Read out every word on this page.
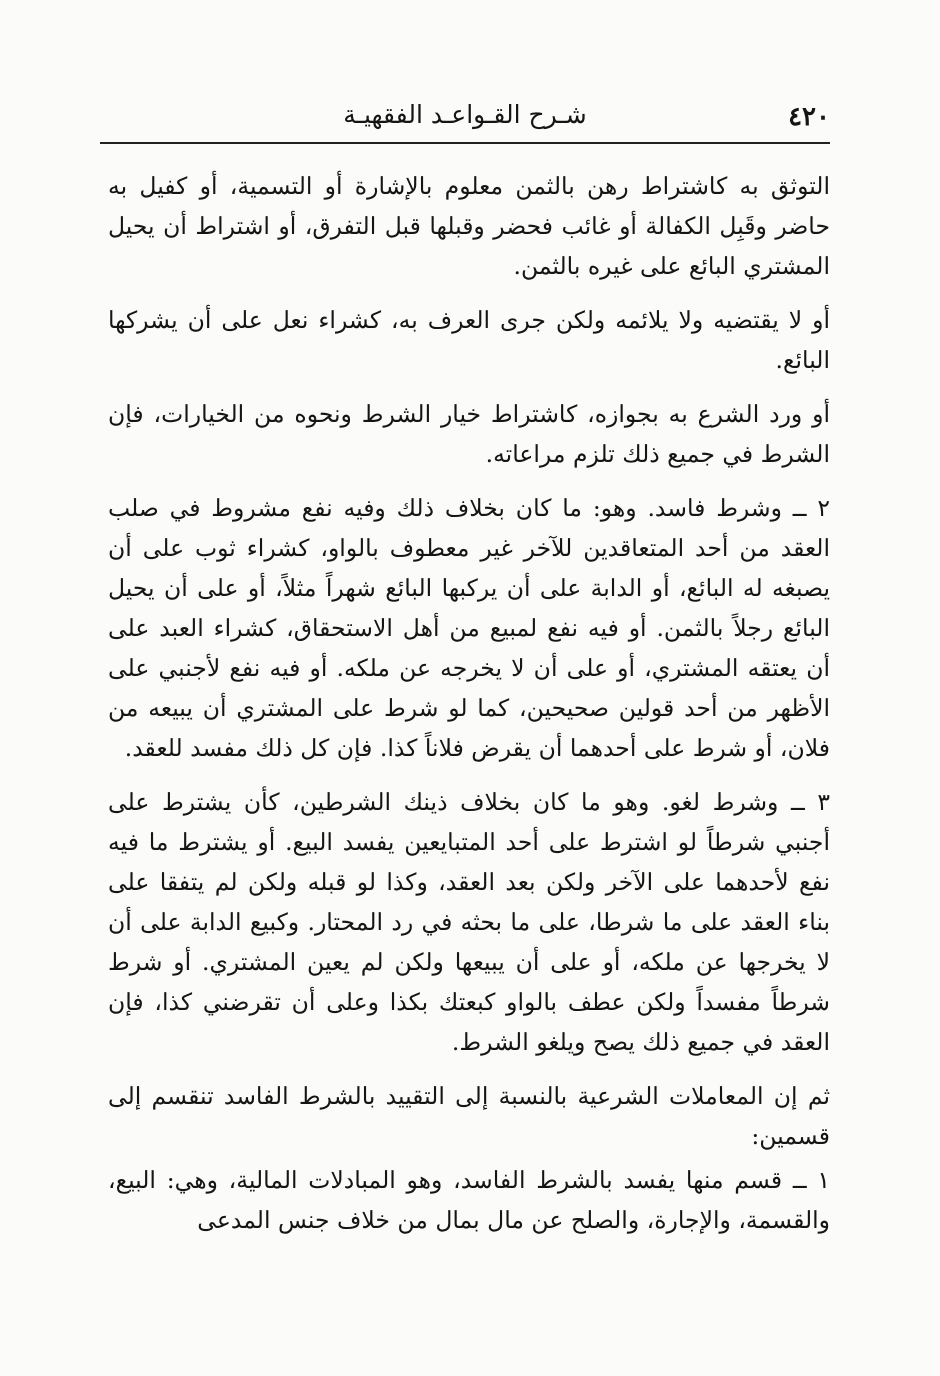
٤٢٠
شـرح القـواعـد الفقهيـة

التوثق به كاشتراط رهن بالثمن معلوم بالإشارة أو التسمية، أو كفيل به حاضر وقَبِل الكفالة أو غائب فحضر وقبلها قبل التفرق، أو اشتراط أن يحيل المشتري البائع على غيره بالثمن.

أو لا يقتضيه ولا يلائمه ولكن جرى العرف به، كشراء نعل على أن يشركها البائع.

أو ورد الشرع به بجوازه، كاشتراط خيار الشرط ونحوه من الخيارات، فإن الشرط في جميع ذلك تلزم مراعاته.

٢ ــ وشرط فاسد. وهو: ما كان بخلاف ذلك وفيه نفع مشروط في صلب العقد من أحد المتعاقدين للآخر غير معطوف بالواو، كشراء ثوب على أن يصبغه له البائع، أو الدابة على أن يركبها البائع شهراً مثلاً، أو على أن يحيل البائع رجلاً بالثمن. أو فيه نفع لمبيع من أهل الاستحقاق، كشراء العبد على أن يعتقه المشتري، أو على أن لا يخرجه عن ملكه. أو فيه نفع لأجنبي على الأظهر من أحد قولين صحيحين، كما لو شرط على المشتري أن يبيعه من فلان، أو شرط على أحدهما أن يقرض فلاناً كذا. فإن كل ذلك مفسد للعقد.

٣ ــ وشرط لغو. وهو ما كان بخلاف ذينك الشرطين، كأن يشترط على أجنبي شرطاً لو اشترط على أحد المتبايعين يفسد البيع. أو يشترط ما فيه نفع لأحدهما على الآخر ولكن بعد العقد، وكذا لو قبله ولكن لم يتفقا على بناء العقد على ما شرطا، على ما بحثه في رد المحتار. وكبيع الدابة على أن لا يخرجها عن ملكه، أو على أن يبيعها ولكن لم يعين المشتري. أو شرط شرطاً مفسداً ولكن عطف بالواو كبعتك بكذا وعلى أن تقرضني كذا، فإن العقد في جميع ذلك يصح ويلغو الشرط.

ثم إن المعاملات الشرعية بالنسبة إلى التقييد بالشرط الفاسد تنقسم إلى قسمين:

١ ــ قسم منها يفسد بالشرط الفاسد، وهو المبادلات المالية، وهي: البيع، والقسمة، والإجارة، والصلح عن مال بمال من خلاف جنس المدعى
